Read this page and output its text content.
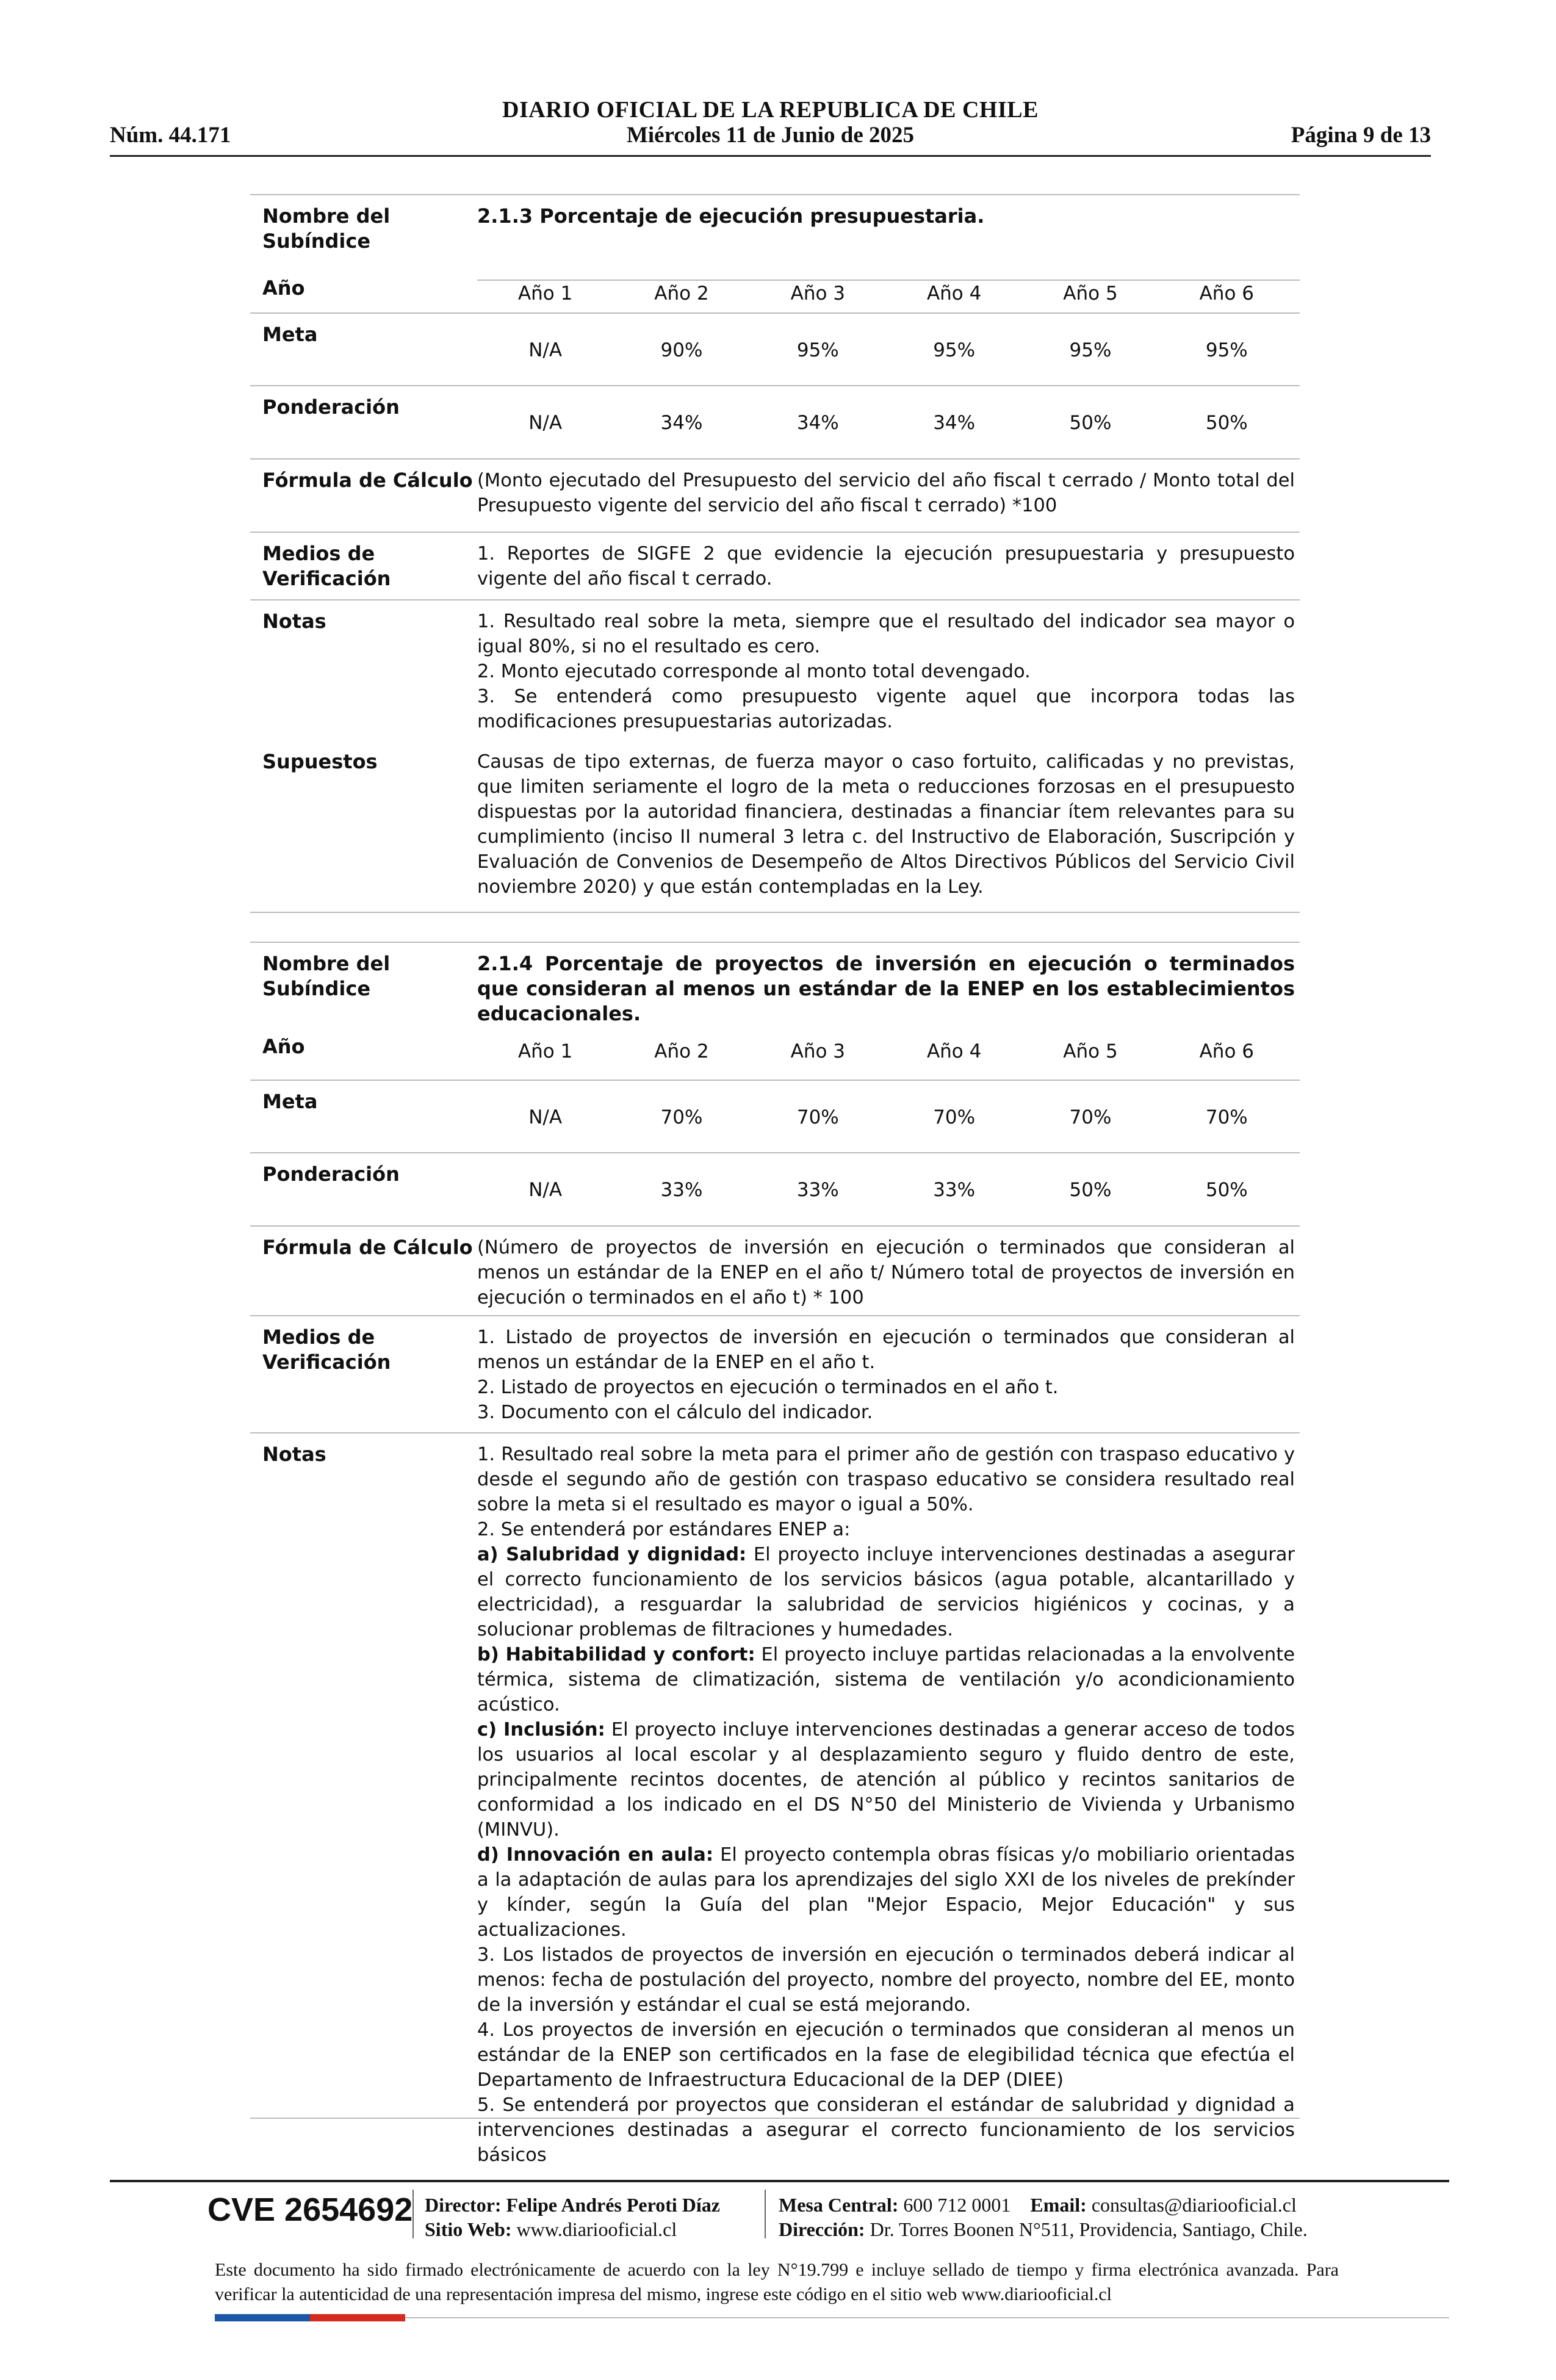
DIARIO OFICIAL DE LA REPUBLICA DE CHILE
Núm. 44.171	Miércoles 11 de Junio de 2025	Página 9 de 13
Nombre del Subíndice
2.1.3 Porcentaje de ejecución presupuestaria.
Año	Año 1	Año 2	Año 3	Año 4	Año 5	Año 6
Meta
N/A	90%	95%	95%	95%	95%
Ponderación
N/A	34%	34%	34%	50%	50%
Fórmula de Cálculo (Monto ejecutado del Presupuesto del servicio del año fiscal t cerrado / Monto total del Presupuesto vigente del servicio del año fiscal t cerrado) *100
Medios de Verificación
1. Reportes de SIGFE 2 que evidencie la ejecución presupuestaria y presupuesto vigente del año fiscal t cerrado.
Notas	1. Resultado real sobre la meta, siempre que el resultado del indicador sea mayor o igual 80%, si no el resultado es cero.

2. Monto ejecutado corresponde al monto total devengado.

3. Se entenderá como presupuesto vigente aquel que incorpora todas las modificaciones presupuestarias autorizadas.

Supuestos	Causas de tipo externas, de fuerza mayor o caso fortuito, calificadas y no previstas, que limiten seriamente el logro de la meta o reducciones forzosas en el presupuesto dispuestas por la autoridad financiera, destinadas a financiar ítem relevantes para su cumplimiento (inciso II numeral 3 letra c. del Instructivo de Elaboración, Suscripción y Evaluación de Convenios de Desempeño de Altos Directivos Públicos del Servicio Civil noviembre 2020) y que están contempladas en la Ley.
Nombre del Subíndice
2.1.4 Porcentaje de proyectos de inversión en ejecución o terminados que consideran al menos un estándar de la ENEP en los establecimientos educacionales.
Año	Año 1	Año 2	Año 3	Año 4	Año 5	Año 6
Meta
N/A	70%	70%	70%	70%	70%
Ponderación
N/A	33%	33%	33%	50%	50%
Fórmula de Cálculo (Número de proyectos de inversión en ejecución o terminados que consideran al menos un estándar de la ENEP en el año t/ Número total de proyectos de inversión en ejecución o terminados en el año t) * 100
Medios de Verificación

1. Listado de proyectos de inversión en ejecución o terminados que consideran al menos un estándar de la ENEP en el año t.

2. Listado de proyectos en ejecución o terminados en el año t.

3. Documento con el cálculo del indicador.

Notas	1. Resultado real sobre la meta para el primer año de gestión con traspaso educativo y desde el segundo año de gestión con traspaso educativo se considera resultado real sobre la meta si el resultado es mayor o igual a 50%.

2. Se entenderá por estándares ENEP a:

a) Salubridad y dignidad: El proyecto incluye intervenciones destinadas a asegurar el correcto funcionamiento de los servicios básicos (agua potable, alcantarillado y electricidad), a resguardar la salubridad de servicios higiénicos y cocinas, y a solucionar problemas de filtraciones y humedades.

b) Habitabilidad y confort: El proyecto incluye partidas relacionadas a la envolvente térmica, sistema de climatización, sistema de ventilación y/o acondicionamiento acústico.

c) Inclusión: El proyecto incluye intervenciones destinadas a generar acceso de todos los usuarios al local escolar y al desplazamiento seguro y fluido dentro de este, principalmente recintos docentes, de atención al público y recintos sanitarios de conformidad a los indicado en el DS N°50 del Ministerio de Vivienda y Urbanismo (MINVU).

d) Innovación en aula: El proyecto contempla obras físicas y/o mobiliario orientadas a la adaptación de aulas para los aprendizajes del siglo XXI de los niveles de prekínder y kínder, según la Guía del plan "Mejor Espacio, Mejor Educación" y sus actualizaciones.

3. Los listados de proyectos de inversión en ejecución o terminados deberá indicar al menos: fecha de postulación del proyecto, nombre del proyecto, nombre del EE, monto de la inversión y estándar el cual se está mejorando.

4. Los proyectos de inversión en ejecución o terminados que consideran al menos un estándar de la ENEP son certificados en la fase de elegibilidad técnica que efectúa el Departamento de Infraestructura Educacional de la DEP (DIEE)

5. Se entenderá por proyectos que consideran el estándar de salubridad y dignidad a intervenciones destinadas a asegurar el correcto funcionamiento de los servicios básicos

CVE 2654692 Director: Felipe Andrés Peroti Díaz
Sitio Web: www.diariooficial.cl
Mesa Central: 600 712 0001 Email: consultas@diariooficial.cl
Dirección: Dr. Torres Boonen N°511, Providencia, Santiago, Chile.
Este documento ha sido firmado electrónicamente de acuerdo con la ley N°19.799 e incluye sellado de tiempo y firma electrónica avanzada. Para verificar la autenticidad de una representación impresa del mismo, ingrese este código en el sitio web www.diariooficial.cl
